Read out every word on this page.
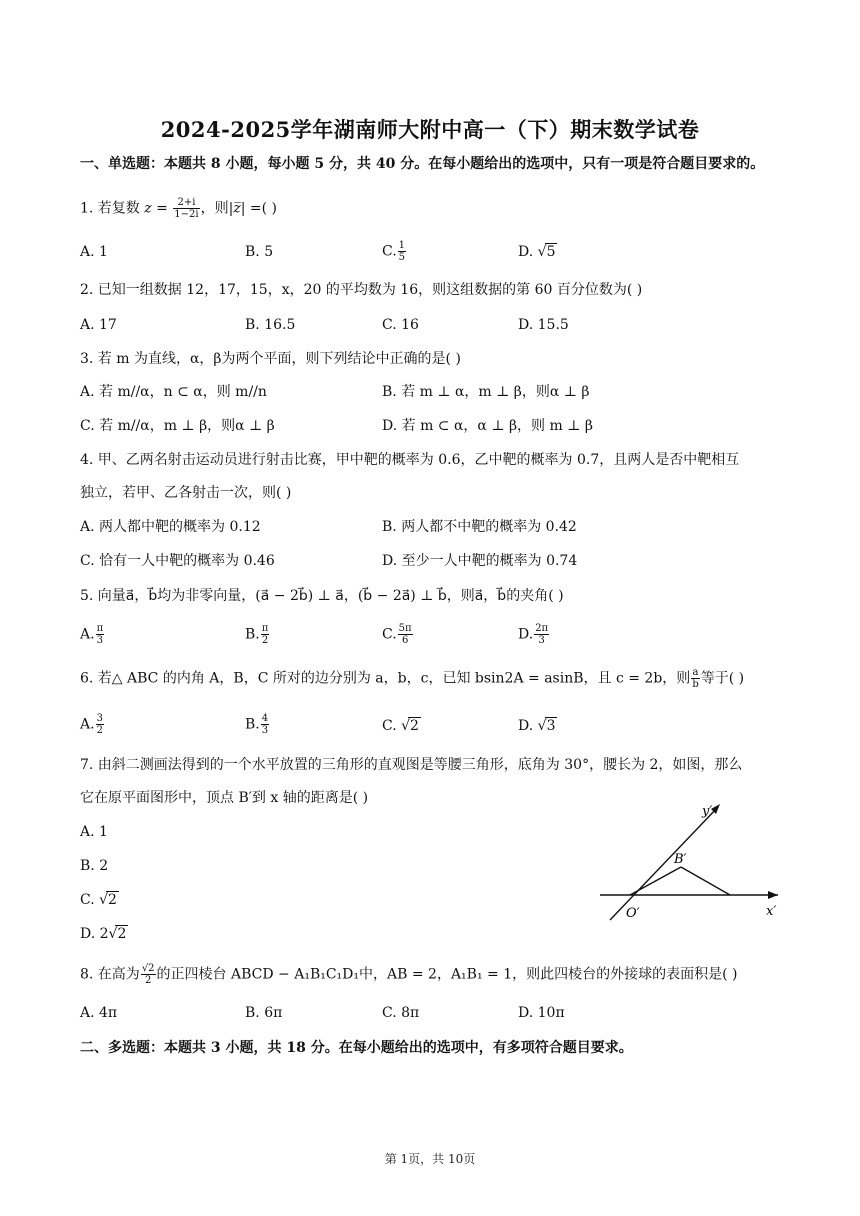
2024-2025学年湖南师大附中高一（下）期末数学试卷
一、单选题：本题共 8 小题，每小题 5 分，共 40 分。在每小题给出的选项中，只有一项是符合题目要求的。
1. 若复数 $z = \frac{2+i}{1-2i}$ ，则|z̅| =( )
A. 1	B. 5	C. $\frac{1}{5}$	D. √5
2. 已知一组数据 12，17，15，x，20 的平均数为 16，则这组数据的第 60 百分位数为( )
A. 17	B. 16.5	C. 16	D. 15.5
3. 若 m 为直线，α，β为两个平面，则下列结论中正确的是( )
A. 若 m//α，n ⊂ α，则 m//n	B. 若 m ⊥ α，m ⊥ β，则α ⊥ β
C. 若 m//α，m ⊥ β，则α ⊥ β	D. 若 m ⊂ α，α ⊥ β，则 m ⊥ β
4. 甲、乙两名射击运动员进行射击比赛，甲中靶的概率为 0.6，乙中靶的概率为 0.7，且两人是否中靶相互
独立，若甲、乙各射击一次，则( )
A. 两人都中靶的概率为 0.12	B. 两人都不中靶的概率为 0.42
C. 恰有一人中靶的概率为 0.46	D. 至少一人中靶的概率为 0.74
5. 向量a⃗，b⃗均为非零向量，(a⃗ − 2b⃗) ⊥ a⃗，(b⃗ − 2a⃗) ⊥ b⃗，则a⃗，b⃗的夹角( )
A. $\frac{\pi}{3}$	B. $\frac{\pi}{2}$	C. $\frac{5\pi}{6}$	D. $\frac{2\pi}{3}$
6. 若△ ABC 的内角 A，B，C 所对的边分别为 a，b，c，已知 bsin2A = asinB，且 c = 2b，则 $\frac{a}{b}$ 等于( )
A. $\frac{3}{2}$	B. $\frac{4}{3}$	C. √2	D. √3
7. 由斜二测画法得到的一个水平放置的三角形的直观图是等腰三角形，底角为 30°，腰长为 2，如图，那么
它在原平面图形中，顶点 B′到 x 轴的距离是( )
A. 1
B. 2
C. √2
D. 2√2
y′
x′
O′
B′
8. 在高为 $\frac{√2}{2}$ 的正四棱台 ABCD − A₁B₁C₁D₁中，AB = 2，A₁B₁ = 1，则此四棱台的外接球的表面积是( )
A. 4π	B. 6π	C. 8π	D. 10π
二、多选题：本题共 3 小题，共 18 分。在每小题给出的选项中，有多项符合题目要求。
第 1页，共 10页
